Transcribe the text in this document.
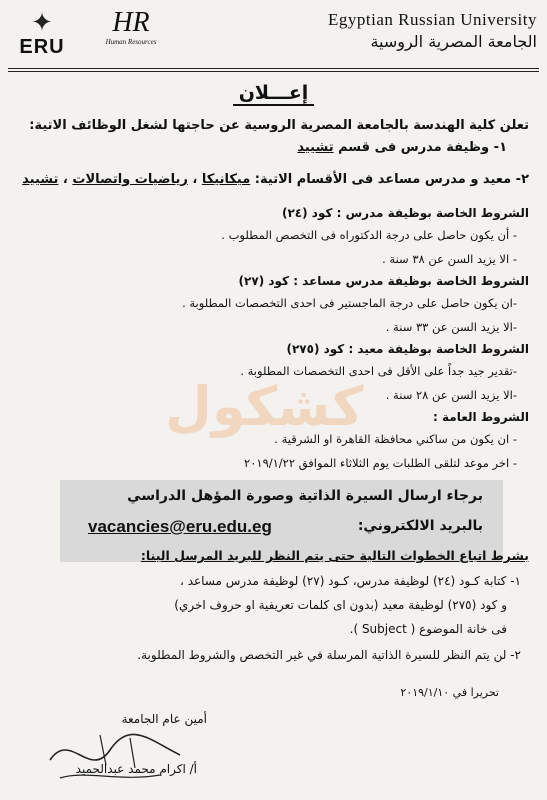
✦
ERU
HR
Human Resources
Egyptian Russian University
الجامعة المصرية الروسية
إعـــلان
تعلن كلية الهندسة بالجامعة المصرية الروسية عن حاجتها لشغل الوظائف الاتية:
١- وظيفة مدرس فى قسم تشييد
٢- معيد و مدرس مساعد فى الأقسام الاتية: ميكانيكا ، رياضيات واتصالات ، تشييد
الشروط الخاصة بوظيفة مدرس : كود (٢٤)
- أن يكون حاصل على درجة الدكتوراه فى التخصص المطلوب .
- الا يزيد السن عن ٣٨ سنة .
الشروط الخاصة بوظيفة مدرس مساعد : كود (٢٧)
-ان يكون حاصل على درجة الماجستير فى احدى التخصصات المطلوبة .
-الا يزيد السن عن ٣٣ سنة .
الشروط الخاصة بوظيفة معيد : كود (٢٧٥)
-تقدير جيد جداً على الأقل فى احدى التخصصات المطلوبة .
-الا يزيد السن عن ٢٨ سنة .
الشروط العامة :
- ان يكون من ساكني محافظة القاهرة او الشرقية .
- اخر موعد لتلقى الطلبات يوم الثلاثاء الموافق ٢٠١٩/١/٢٢
كشكول
برجاء ارسال السيرة الذاتية وصورة المؤهل الدراسي
بالبريد الالكتروني:
vacancies@eru.edu.eg
بشرط اتباع الخطوات التالية حتى يتم النظر للبريد المرسل الينا:
١- كتابة كـود (٢٤) لوظيفة مدرس، كـود (٢٧) لوظيفة مدرس مساعد ،
و كود (٢٧٥) لوظيفة معيد (بدون اى كلمات تعريفية او حروف اخري)
فى خانة الموضوع ( Subject ).
٢- لن يتم النظر للسيرة الذاتية المرسلة في غير التخصص والشروط المطلوبة.
تحريرا في ٢٠١٩/١/١٠
أمين عام الجامعة
أ/ اكرام محمد عبدالحميد
